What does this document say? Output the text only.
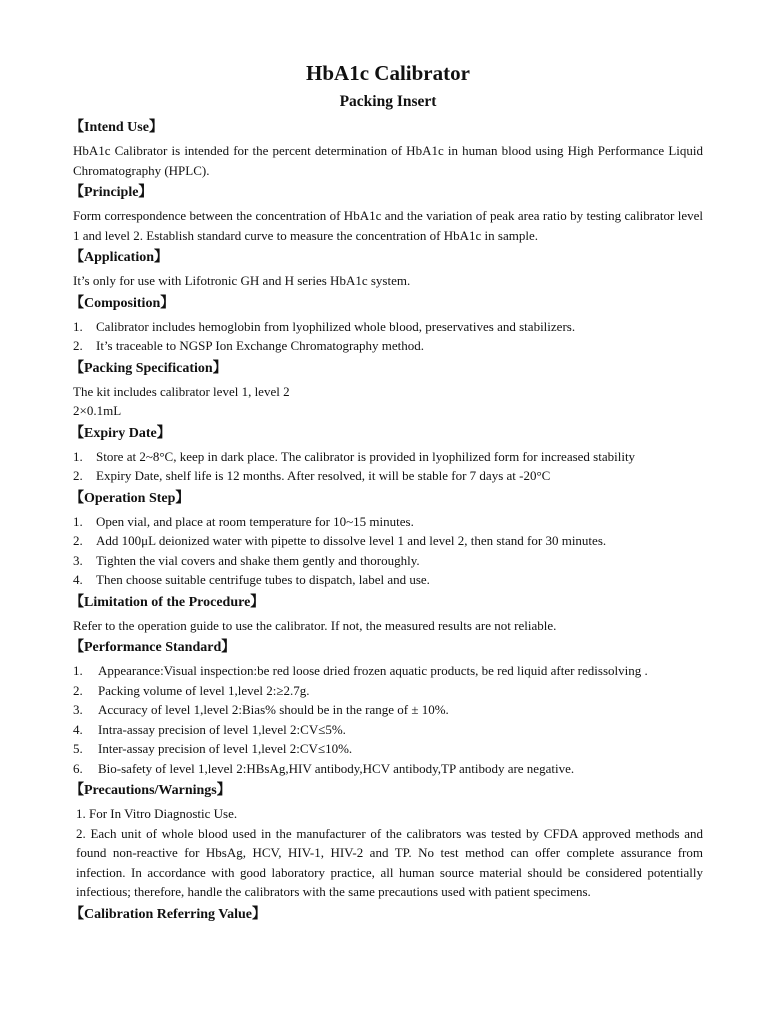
HbA1c Calibrator
Packing Insert
【Intend Use】

HbA1c Calibrator is intended for the percent determination of HbA1c in human blood using High Performance Liquid Chromatography (HPLC).

【Principle】

Form correspondence between the concentration of HbA1c and the variation of peak area ratio by testing calibrator level 1 and level 2. Establish standard curve to measure the concentration of HbA1c in sample.

【Application】

It’s only for use with Lifotronic GH and H series HbA1c system.

【Composition】
1.	Calibrator includes hemoglobin from lyophilized whole blood, preservatives and stabilizers.
2.	It’s traceable to NGSP Ion Exchange Chromatography method.
【Packing Specification】

The kit includes calibrator level 1, level 2

2×0.1mL

【Expiry Date】
1.	Store at 2~8°C, keep in dark place. The calibrator is provided in lyophilized form for increased stability
2.	Expiry Date, shelf life is 12 months. After resolved, it will be stable for 7 days at -20°C
【Operation Step】
1.	Open vial, and place at room temperature for 10~15 minutes.
2.	Add 100μL deionized water with pipette to dissolve level 1 and level 2, then stand for 30 minutes.
3.	Tighten the vial covers and shake them gently and thoroughly.
4.	Then choose suitable centrifuge tubes to dispatch, label and use.
【Limitation of the Procedure】

Refer to the operation guide to use the calibrator. If not, the measured results are not reliable.

【Performance Standard】
1.	Appearance:Visual inspection:be red loose dried frozen aquatic products, be red liquid after redissolving .
2.	Packing volume of level 1,level 2:≥2.7g.
3.	Accuracy of level 1,level 2:Bias% should be in the range of ± 10%.
4.	Intra-assay precision of level 1,level 2:CV≤5%.
5.	Inter-assay precision of level 1,level 2:CV≤10%.
6.	Bio-safety of level 1,level 2:HBsAg,HIV antibody,HCV antibody,TP antibody are negative.
【Precautions/Warnings】

1. For In Vitro Diagnostic Use.

2. Each unit of whole blood used in the manufacturer of the calibrators was tested by CFDA approved methods and found non-reactive for HbsAg, HCV, HIV-1, HIV-2 and TP. No test method can offer complete assurance from infection. In accordance with good laboratory practice, all human source material should be considered potentially infectious; therefore, handle the calibrators with the same precautions used with patient specimens.

【Calibration Referring Value】
